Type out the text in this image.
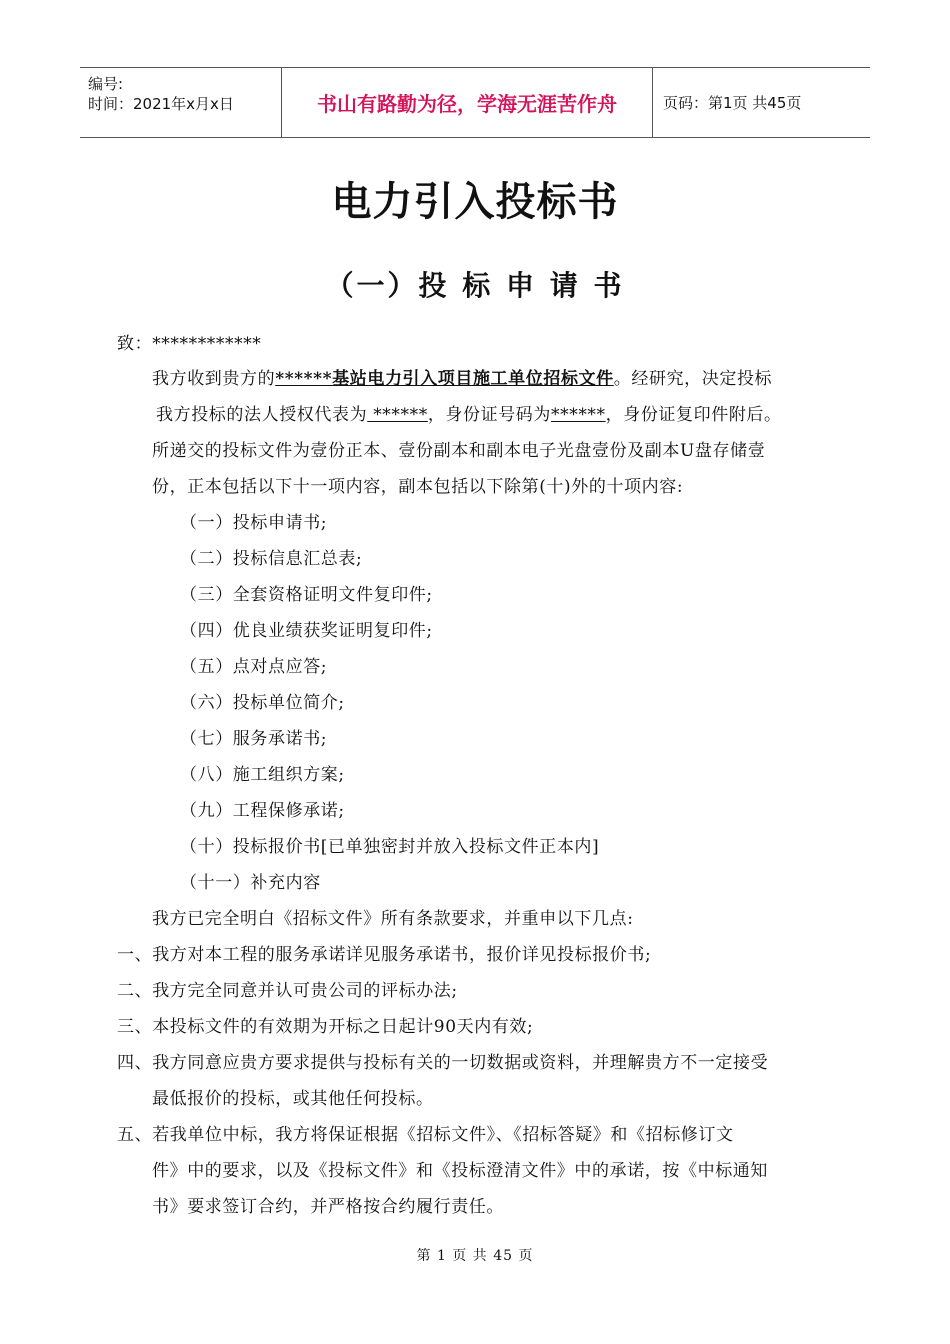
编号:
时间：2021年x月x日	书山有路勤为径，学海无涯苦作舟	页码：第1页 共45页
电力引入投标书
（一）投 标 申 请 书
致：************
我方收到贵方的******基站电力引入项目施工单位招标文件。经研究，决定投标
我方投标的法人授权代表为 ******，身份证号码为******，身份证复印件附后。
所递交的投标文件为壹份正本、壹份副本和副本电子光盘壹份及副本U盘存储壹
份，正本包括以下十一项内容，副本包括以下除第(十)外的十项内容:
（一）投标申请书;
（二）投标信息汇总表;
（三）全套资格证明文件复印件;
（四）优良业绩获奖证明复印件;
（五）点对点应答;
（六）投标单位简介;
（七）服务承诺书;
（八）施工组织方案;
（九）工程保修承诺;
（十）投标报价书[已单独密封并放入投标文件正本内]
（十一）补充内容
我方已完全明白《招标文件》所有条款要求，并重申以下几点:
一、我方对本工程的服务承诺详见服务承诺书，报价详见投标报价书;
二、我方完全同意并认可贵公司的评标办法;
三、本投标文件的有效期为开标之日起计90天内有效;
四、我方同意应贵方要求提供与投标有关的一切数据或资料，并理解贵方不一定接受
最低报价的投标，或其他任何投标。
五、若我单位中标，我方将保证根据《招标文件》、《招标答疑》和《招标修订文
件》中的要求，以及《投标文件》和《投标澄清文件》中的承诺，按《中标通知
书》要求签订合约，并严格按合约履行责任。
第 1 页 共 45 页
